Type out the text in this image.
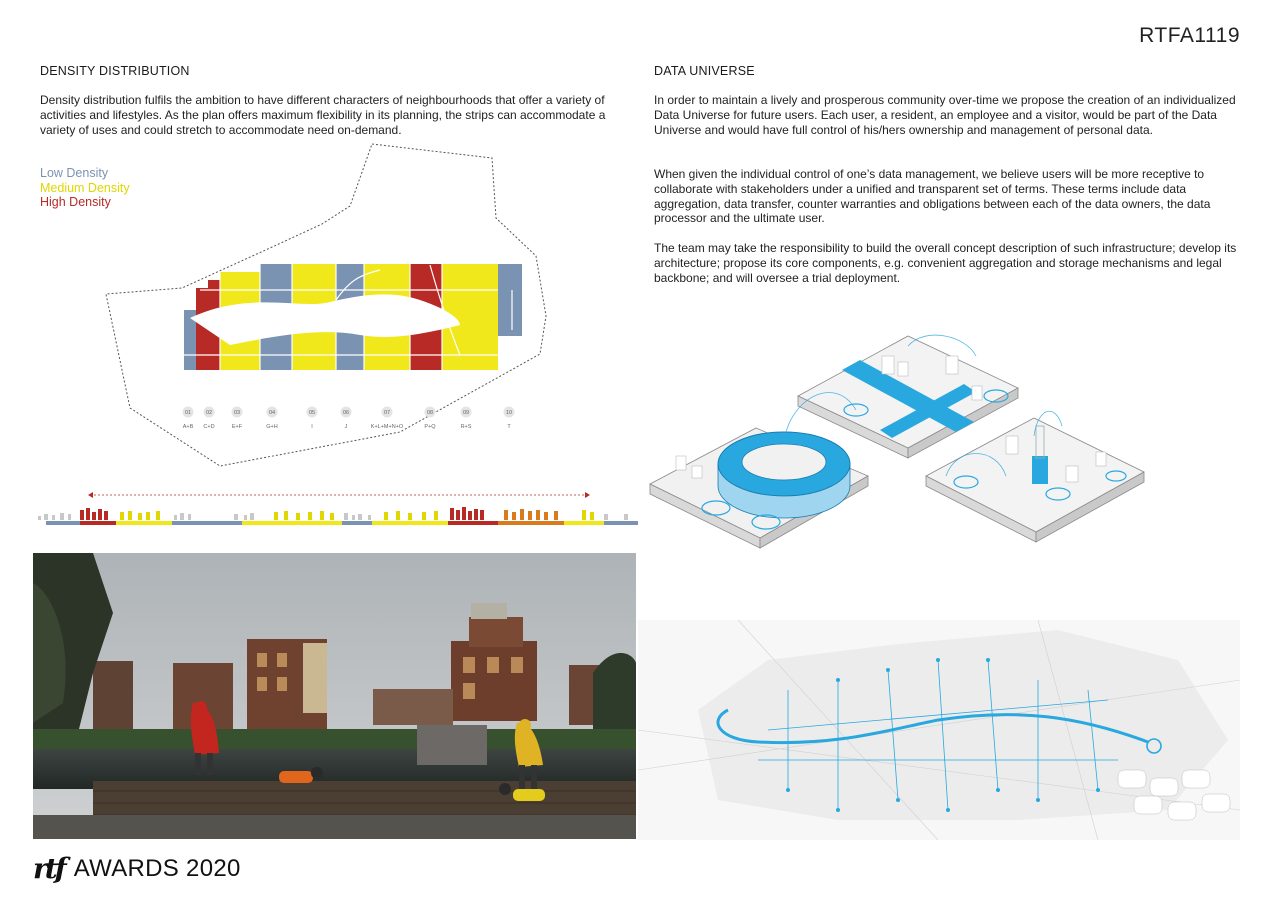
RTFA1119
DENSITY DISTRIBUTION
Density distribution fulfils the ambition to have different characters of neighbourhoods that offer a variety of activities and lifestyles. As the plan offers maximum flexibility in its planning, the strips can accommodate a variety of uses and could stretch to accommodate need on-demand.
Low Density
Medium Density
High Density
01	02	03	04	05	06	07	08	09	10
A+B C+D	E+F	G+H	I	J	K+L+M+N+O	P+Q	R+S	T
DATA UNIVERSE
In order to maintain a lively and prosperous community over-time we propose the creation of an individualized Data Universe for future users. Each user, a resident, an employee and a visitor, would be part of the Data Universe and would have full control of his/hers ownership and management of personal data.
When given the individual control of one’s data management, we believe users will be more receptive to collaborate with stakeholders under a unified and transparent set of terms. These terms include data aggregation, data transfer, counter warranties and obligations between each of the data owners, the data processor and the ultimate user.
The team may take the responsibility to build the overall concept description of such infrastructure; develop its architecture; propose its core components, e.g. convenient aggregation and storage mechanisms and legal backbone; and will oversee a trial deployment.
rtf AWARDS 2020
